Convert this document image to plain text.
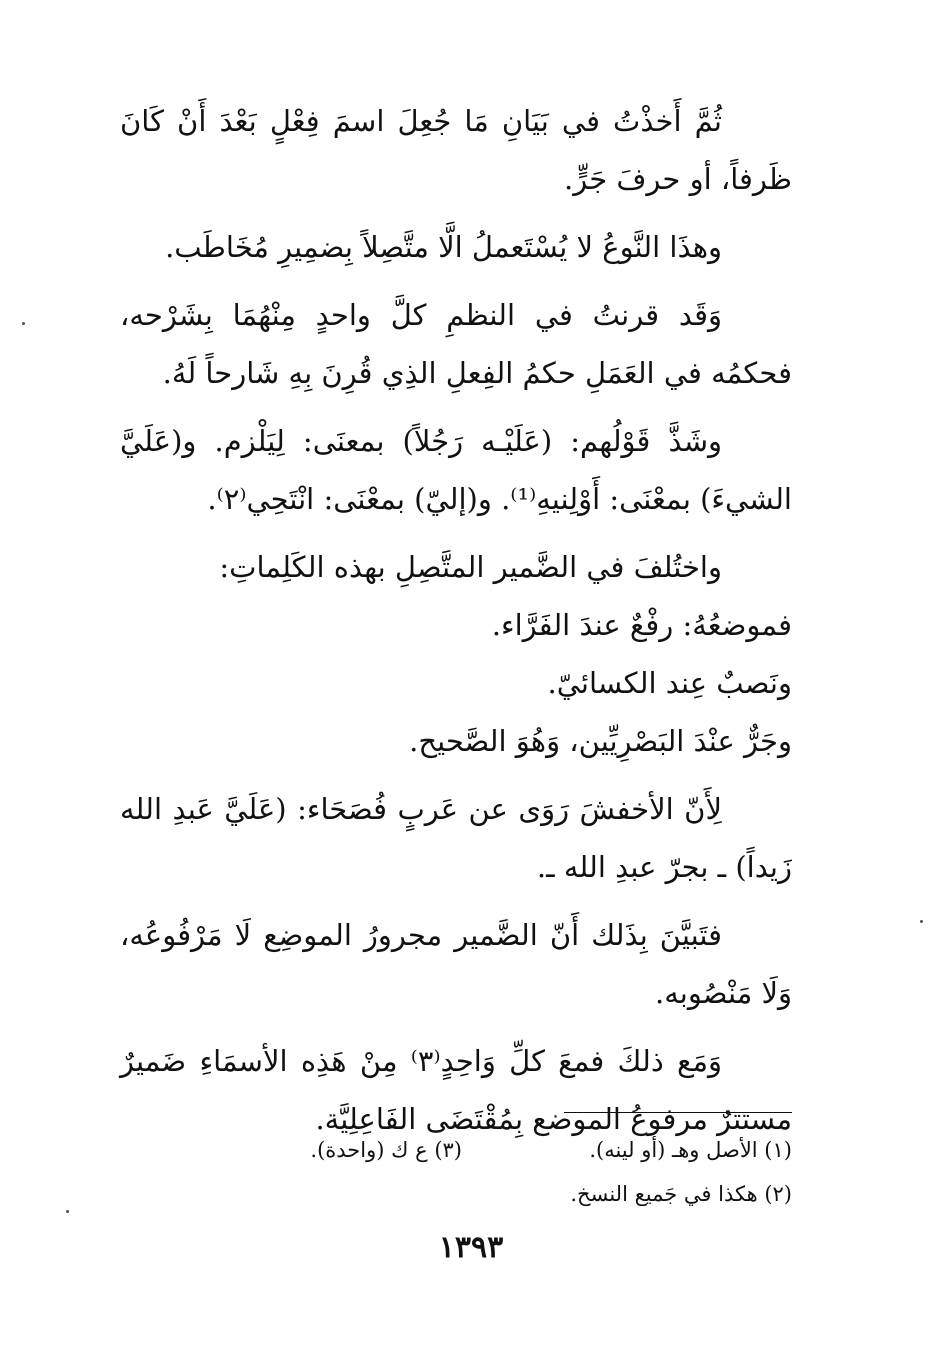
ثُمَّ أَخذْتُ في بَيَانِ مَا جُعِلَ اسمَ فِعْلٍ بَعْدَ أَنْ كَانَ ظَرفاً، أو حرفَ جَرٍّ.

وهذَا النَّوعُ لا يُسْتَعملُ الَّا متَّصِلاً بِضمِيرِ مُخَاطَب.

وَقَد قرنتُ في النظمِ كلَّ واحدٍ مِنْهُمَا بِشَرْحه، فحكمُه في العَمَلِ حكمُ الفِعلِ الذِي قُرِنَ بِهِ شَارحاً لَهُ.

وشَذَّ قَوْلُهم: (عَلَيْـه رَجُلاً) بمعنَى: لِيَلْزم. و(عَلَيَّ الشيءَ) بمعْنَى: أَوْلِنيهِ⁽¹⁾. و(إليّ) بمعْنَى: انْتَحِي⁽٢⁾.

واختُلفَ في الضَّمير المتَّصِلِ بهذه الكَلِماتِ:

فموضعُهُ: رفْعٌ عندَ الفَرَّاء.

ونَصبٌ عِند الكسائيّ.

وجَرٌّ عنْدَ البَصْرِيِّين، وَهُوَ الصَّحيح.

لِأَنّ الأخفشَ رَوَى عن عَربٍ فُصَحَاء: (عَلَيَّ عَبدِ الله زَيداً) ـ بجرّ عبدِ الله ـ.

فتَبيَّنَ بِذَلك أَنّ الضَّمير مجرورُ الموضِع لَا مَرْفُوعُه، وَلَا مَنْصُوبه.

وَمَع ذلكَ فمعَ كلِّ وَاحِدٍ⁽٣⁾ مِنْ هَذِه الأسمَاءِ ضَميرٌ مستترٌ مرفوعُ الموضع بِمُقْتَضَى الفَاعِلِيَّة.

(١) الأصل وهـ (أو لينه).
(٣) ع ك (واحدة).
(٢) هكذا في جَميع النسخ.
١٣٩٣
